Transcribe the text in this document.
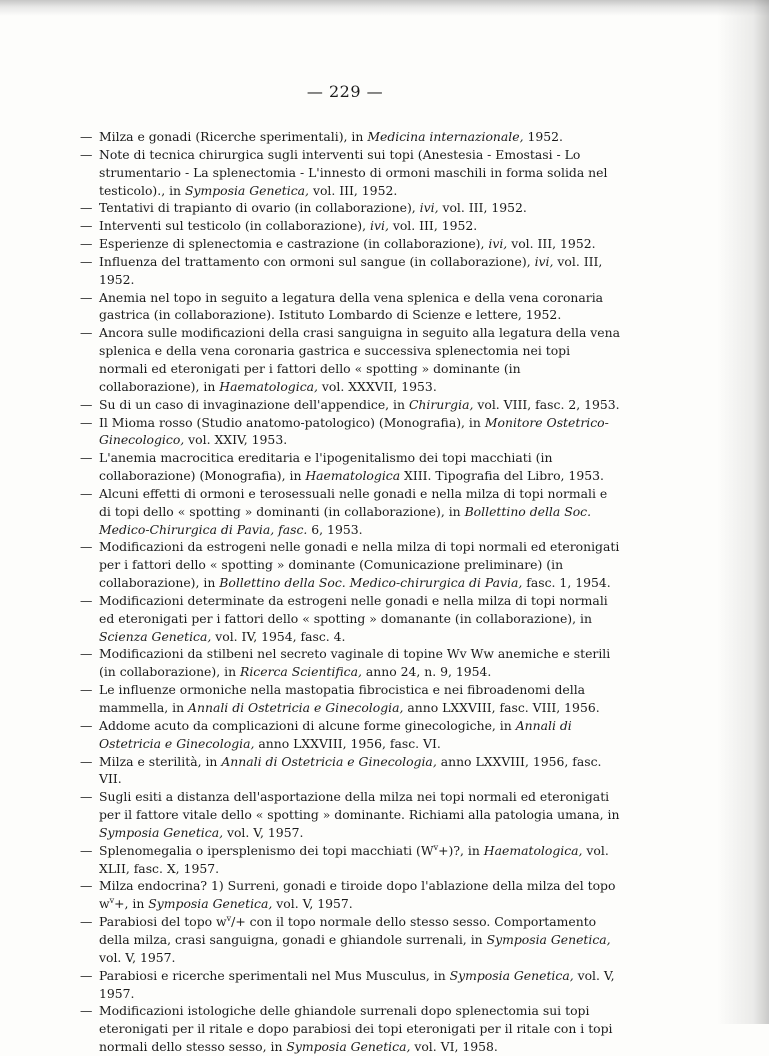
— 229 —
— Milza e gonadi (Ricerche sperimentali), in Medicina internazionale, 1952.
— Note di tecnica chirurgica sugli interventi sui topi (Anestesia - Emostasi - Lo strumentario - La splenectomia - L'innesto di ormoni maschili in forma solida nel testicolo)., in Symposia Genetica, vol. III, 1952.
— Tentativi di trapianto di ovario (in collaborazione), ivi, vol. III, 1952.
— Interventi sul testicolo (in collaborazione), ivi, vol. III, 1952.
— Esperienze di splenectomia e castrazione (in collaborazione), ivi, vol. III, 1952.
— Influenza del trattamento con ormoni sul sangue (in collaborazione), ivi, vol. III, 1952.
— Anemia nel topo in seguito a legatura della vena splenica e della vena coronaria gastrica (in collaborazione). Istituto Lombardo di Scienze e lettere, 1952.
— Ancora sulle modificazioni della crasi sanguigna in seguito alla legatura della vena splenica e della vena coronaria gastrica e successiva splenectomia nei topi normali ed eteronigati per i fattori dello « spotting » dominante (in collaborazione), in Haematologica, vol. XXXVII, 1953.
— Su di un caso di invaginazione dell'appendice, in Chirurgia, vol. VIII, fasc. 2, 1953.
— Il Mioma rosso (Studio anatomo-patologico) (Monografia), in Monitore Ostetrico-Ginecologico, vol. XXIV, 1953.
— L'anemia macrocitica ereditaria e l'ipogenitalismo dei topi macchiati (in collaborazione) (Monografia), in Haematologica XIII. Tipografia del Libro, 1953.
— Alcuni effetti di ormoni e terosessuali nelle gonadi e nella milza di topi normali e di topi dello « spotting » dominanti (in collaborazione), in Bollettino della Soc. Medico-Chirurgica di Pavia, fasc. 6, 1953.
— Modificazioni da estrogeni nelle gonadi e nella milza di topi normali ed eteronigati per i fattori dello « spotting » dominante (Comunicazione preliminare) (in collaborazione), in Bollettino della Soc. Medico-chirurgica di Pavia, fasc. 1, 1954.
— Modificazioni determinate da estrogeni nelle gonadi e nella milza di topi normali ed eteronigati per i fattori dello « spotting » domanante (in collaborazione), in Scienza Genetica, vol. IV, 1954, fasc. 4.
— Modificazioni da stilbeni nel secreto vaginale di topine Wv Ww anemiche e sterili (in collaborazione), in Ricerca Scientifica, anno 24, n. 9, 1954.
— Le influenze ormoniche nella mastopatia fibrocistica e nei fibroadenomi della mammella, in Annali di Ostetricia e Ginecologia, anno LXXVIII, fasc. VIII, 1956.
— Addome acuto da complicazioni di alcune forme ginecologiche, in Annali di Ostetricia e Ginecologia, anno LXXVIII, 1956, fasc. VI.
— Milza e sterilità, in Annali di Ostetricia e Ginecologia, anno LXXVIII, 1956, fasc. VII.
— Sugli esiti a distanza dell'asportazione della milza nei topi normali ed eteronigati per il fattore vitale dello « spotting » dominante. Richiami alla patologia umana, in Symposia Genetica, vol. V, 1957.
— Splenomegalia o ipersplenismo dei topi macchiati $(W^v+)$?, in Haematologica, vol. XLII, fasc. X, 1957.
— Milza endocrina? 1) Surreni, gonadi e tiroide dopo l'ablazione della milza del topo $w^v+$, in Symposia Genetica, vol. V, 1957.
— Parabiosi del topo $w^v/+$ con il topo normale dello stesso sesso. Comportamento della milza, crasi sanguigna, gonadi e ghiandole surrenali, in Symposia Genetica, vol. V, 1957.
— Parabiosi e ricerche sperimentali nel Mus Musculus, in Symposia Genetica, vol. V, 1957.
— Modificazioni istologiche delle ghiandole surrenali dopo splenectomia sui topi eteronigati per il ritale e dopo parabiosi dei topi eteronigati per il ritale con i topi normali dello stesso sesso, in Symposia Genetica, vol. VI, 1958.
